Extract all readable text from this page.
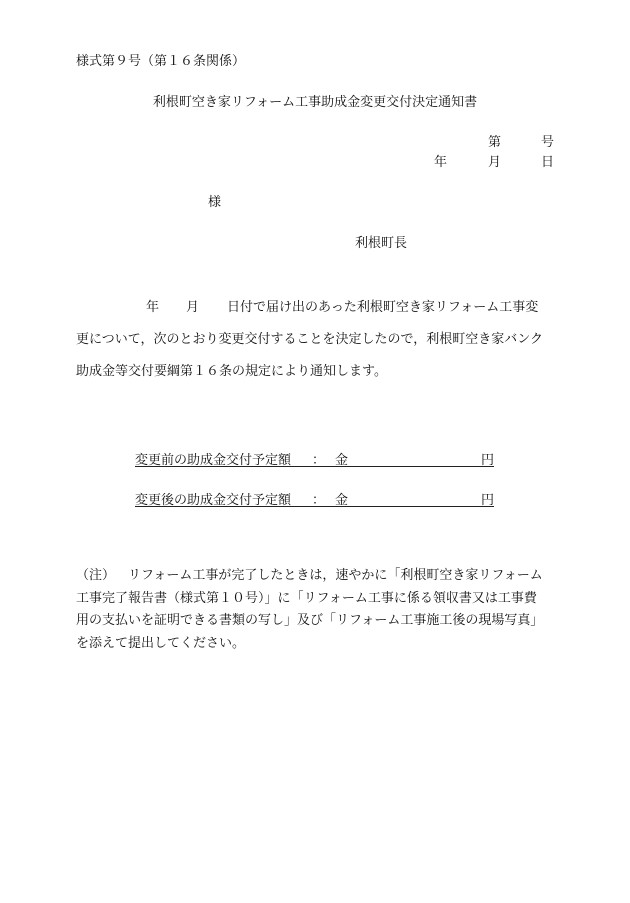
様式第９号（第１６条関係）
利根町空き家リフォーム工事助成金変更交付決定通知書
第	号
年	月	日
様
利根町長
年 月 日付で届け出のあった利根町空き家リフォーム工事変
更について，次のとおり変更交付することを決定したので，利根町空き家バンク
助成金等交付要綱第１６条の規定により通知します。
変更前の助成金交付予定額 ： 金	円
変更後の助成金交付予定額 ： 金	円
（注） リフォーム工事が完了したときは，速やかに「利根町空き家リフォーム
工事完了報告書（様式第１０号）」に「リフォーム工事に係る領収書又は工事費
用の支払いを証明できる書類の写し」及び「リフォーム工事施工後の現場写真」
を添えて提出してください。
